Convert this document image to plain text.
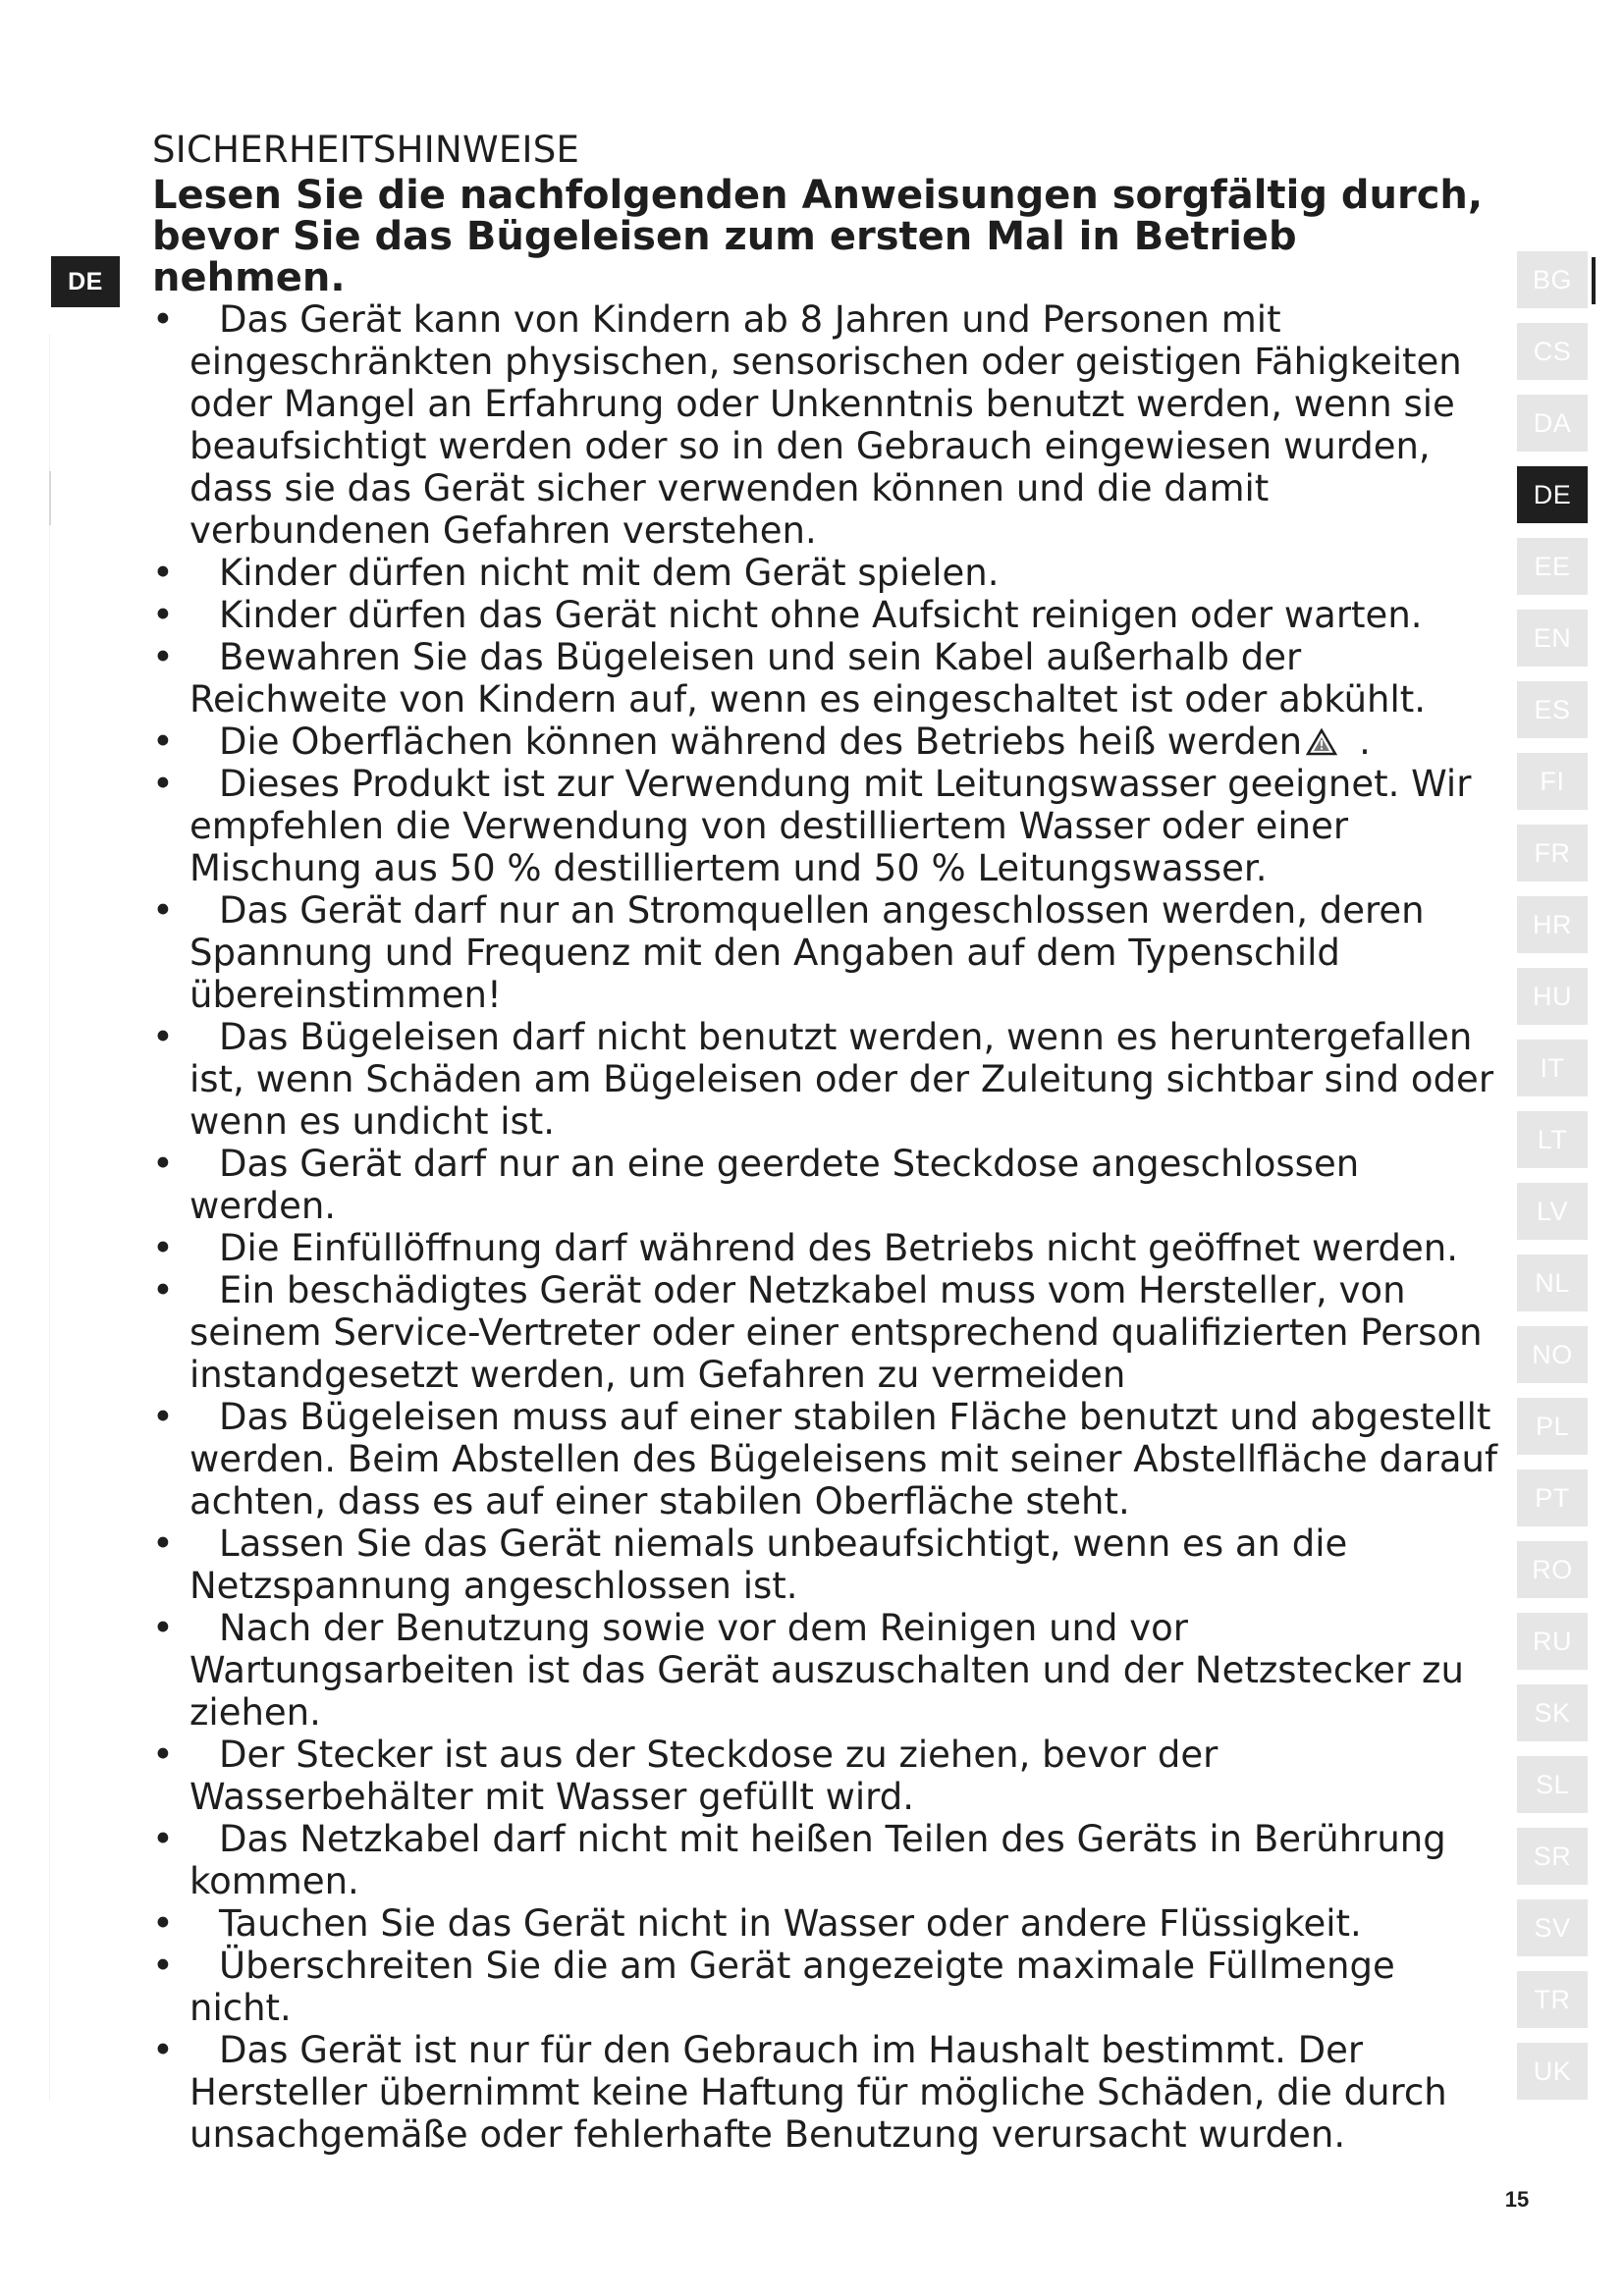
DE
SICHERHEITSHINWEISE

Lesen Sie die nachfolgenden Anweisungen sorgfältig durch, bevor Sie das Bügeleisen zum ersten Mal in Betrieb nehmen.

• Das Gerät kann von Kindern ab 8 Jahren und Personen mit eingeschränkten physischen, sensorischen oder geistigen Fähigkeiten oder Mangel an Erfahrung oder Unkenntnis benutzt werden, wenn sie beaufsichtigt werden oder so in den Gebrauch eingewiesen wurden, dass sie das Gerät sicher verwenden können und die damit verbundenen Gefahren verstehen.
• Kinder dürfen nicht mit dem Gerät spielen.
• Kinder dürfen das Gerät nicht ohne Aufsicht reinigen oder warten.
• Bewahren Sie das Bügeleisen und sein Kabel außerhalb der Reichweite von Kindern auf, wenn es eingeschaltet ist oder abkühlt.
• Die Oberflächen können während des Betriebs heiß werden .
• Dieses Produkt ist zur Verwendung mit Leitungswasser geeignet. Wir empfehlen die Verwendung von destilliertem Wasser oder einer Mischung aus 50 % destilliertem und 50 % Leitungswasser.
• Das Gerät darf nur an Stromquellen angeschlossen werden, deren Spannung und Frequenz mit den Angaben auf dem Typenschild übereinstimmen!
• Das Bügeleisen darf nicht benutzt werden, wenn es heruntergefallen ist, wenn Schäden am Bügeleisen oder der Zuleitung sichtbar sind oder wenn es undicht ist.
• Das Gerät darf nur an eine geerdete Steckdose angeschlossen werden.
• Die Einfüllöffnung darf während des Betriebs nicht geöffnet werden.
• Ein beschädigtes Gerät oder Netzkabel muss vom Hersteller, von seinem Service-Vertreter oder einer entsprechend qualifizierten Person instandgesetzt werden, um Gefahren zu vermeiden
• Das Bügeleisen muss auf einer stabilen Fläche benutzt und abgestellt werden. Beim Abstellen des Bügeleisens mit seiner Abstellfläche darauf achten, dass es auf einer stabilen Oberfläche steht.
• Lassen Sie das Gerät niemals unbeaufsichtigt, wenn es an die Netzspannung angeschlossen ist.
• Nach der Benutzung sowie vor dem Reinigen und vor Wartungsarbeiten ist das Gerät auszuschalten und der Netzstecker zu ziehen.
• Der Stecker ist aus der Steckdose zu ziehen, bevor der Wasserbehälter mit Wasser gefüllt wird.
• Das Netzkabel darf nicht mit heißen Teilen des Geräts in Berührung kommen.
• Tauchen Sie das Gerät nicht in Wasser oder andere Flüssigkeit.
• Überschreiten Sie die am Gerät angezeigte maximale Füllmenge nicht.
• Das Gerät ist nur für den Gebrauch im Haushalt bestimmt. Der Hersteller übernimmt keine Haftung für mögliche Schäden, die durch unsachgemäße oder fehlerhafte Benutzung verursacht wurden.
BG
CS
DA
DE
EE
EN
ES
FI
FR
HR
HU
IT
LT
LV
NL
NO
PL
PT
RO
RU
SK
SL
SR
SV
TR
UK
15
